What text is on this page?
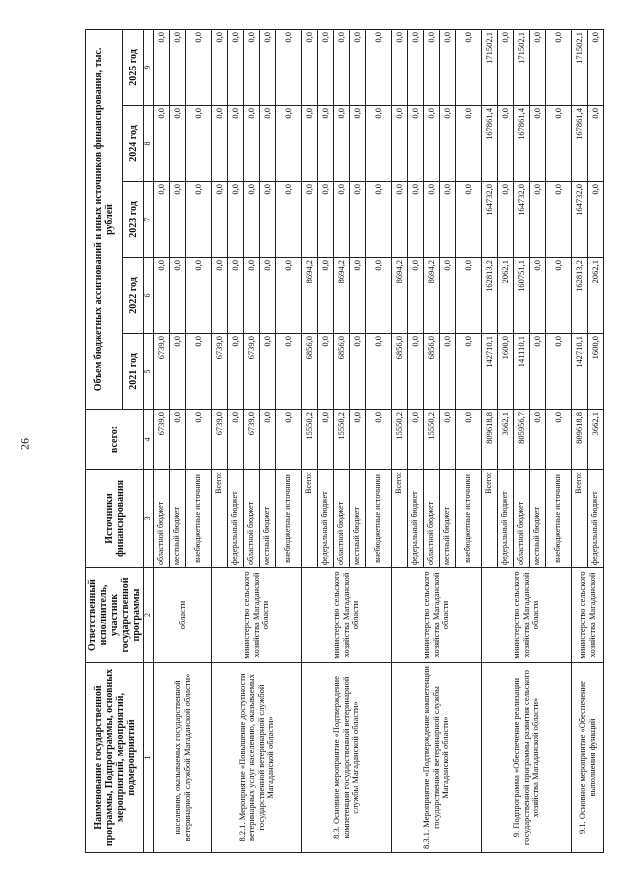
26
Наименование государственной программы, Подпрограммы, основных мероприятий, мероприятий, подмероприятий	Ответственный исполнитель, участник государственной программы	Источники финансирования	всего:	Объем бюджетных ассигнований и иных источников финансирования, тыс. рублей				
				2021 год	2022 год	2023 год	2024 год	2025 год
1	2	3	4	5	6	7	8	9
населению, оказываемых государственной ветеринарной службой Магаданской области»	области	областной бюджет	6739,0	6739,0	0,0	0,0	0,0	0,0
		местный бюджет	0,0	0,0	0,0	0,0	0,0	0,0
		внебюджетные источники	0,0	0,0	0,0	0,0	0,0	0,0
8.2.1. Мероприятие «Повышение доступности ветеринарных услуг населению, оказываемых государственной ветеринарной службой Магаданской области»	министерство сельского хозяйства Магаданской области	Всего:	6739,0	6739,0	0,0	0,0	0,0	0,0
		федеральный бюджет	0,0	0,0	0,0	0,0	0,0	0,0
		областной бюджет	6739,0	6739,0	0,0	0,0	0,0	0,0
		местный бюджет	0,0	0,0	0,0	0,0	0,0	0,0
		внебюджетные источники	0,0	0,0	0,0	0,0	0,0	0,0
8.3. Основное мероприятие «Подтверждение компетенции государственной ветеринарной службы Магаданской области»	министерство сельского хозяйства Магаданской области	Всего:	15550,2	6856,0	8694,2	0,0	0,0	0,0
		федеральный бюджет	0,0	0,0	0,0	0,0	0,0	0,0
		областной бюджет	15550,2	6856,0	8694,2	0,0	0,0	0,0
		местный бюджет	0,0	0,0	0,0	0,0	0,0	0,0
		внебюджетные источники	0,0	0,0	0,0	0,0	0,0	0,0
8.3.1. Мероприятие «Подтверждение компетенции государственной ветеринарной службы Магаданской области»	министерство сельского хозяйства Магаданской области	Всего:	15550,2	6856,0	8694,2	0,0	0,0	0,0
		федеральный бюджет	0,0	0,0	0,0	0,0	0,0	0,0
		областной бюджет	15550,2	6856,0	8694,2	0,0	0,0	0,0
		местный бюджет	0,0	0,0	0,0	0,0	0,0	0,0
		внебюджетные источники	0,0	0,0	0,0	0,0	0,0	0,0
9. Подпрограмма «Обеспечение реализации государственной программы развития сельского хозяйства Магаданской области»	министерство сельского хозяйства Магаданской области	Всего:	809618,8	142710,1	162813,2	164732,0	167861,4	171502,1
		федеральный бюджет	3662,1	1600,0	2062,1	0,0	0,0	0,0
		областной бюджет	805956,7	141110,1	160751,1	164732,0	167861,4	171502,1
		местный бюджет	0,0	0,0	0,0	0,0	0,0	0,0
		внебюджетные источники	0,0	0,0	0,0	0,0	0,0	0,0
9.1. Основное мероприятие «Обеспечение выполнения функций	министерство сельского хозяйства Магаданской	Всего:	809618,8	142710,1	162813,2	164732,0	167861,4	171502,1
		федеральный бюджет	3662,1	1600,0	2062,1	0,0	0,0	0,0
